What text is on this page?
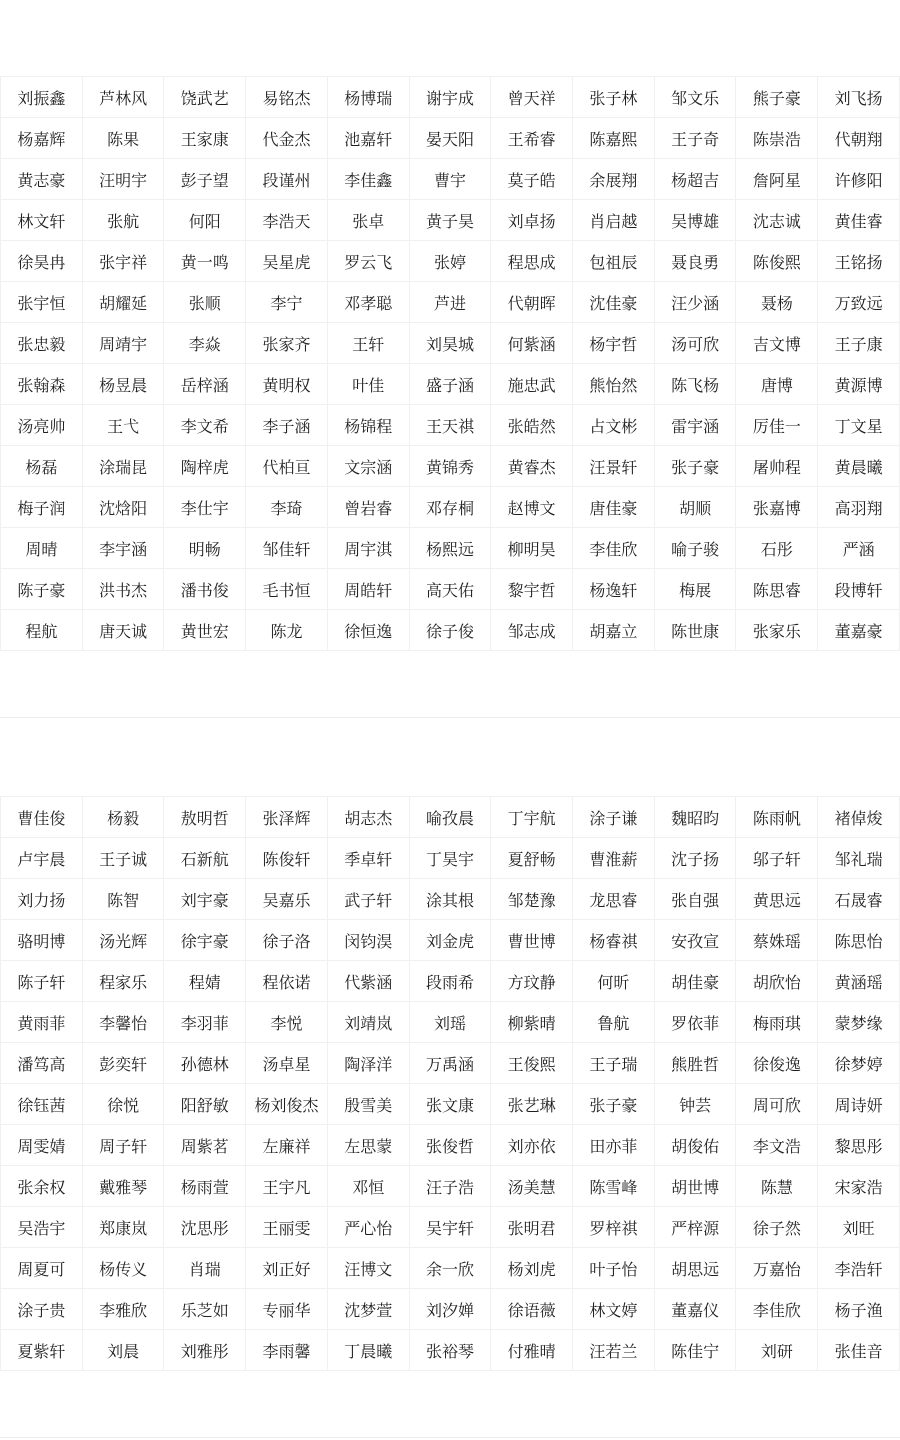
刘振鑫	芦林风	饶武艺	易铭杰	杨博瑞	谢宇成	曾天祥	张子林	邹文乐	熊子豪	刘飞扬
杨嘉辉	陈果	王家康	代金杰	池嘉轩	晏天阳	王希睿	陈嘉熙	王子奇	陈崇浩	代朝翔
黄志豪	汪明宇	彭子望	段谨州	李佳鑫	曹宇	莫子皓	余展翔	杨超吉	詹阿星	许修阳
林文轩	张航	何阳	李浩天	张卓	黄子昊	刘卓扬	肖启越	吴博雄	沈志诚	黄佳睿
徐昊冉	张宇祥	黄一鸣	吴星虎	罗云飞	张婷	程思成	包祖辰	聂良勇	陈俊熙	王铭扬
张宇恒	胡耀延	张顺	李宁	邓孝聪	芦进	代朝晖	沈佳豪	汪少涵	聂杨	万致远
张忠毅	周靖宇	李焱	张家齐	王轩	刘昊城	何紫涵	杨宇哲	汤可欣	吉文博	王子康
张翰森	杨昱晨	岳梓涵	黄明权	叶佳	盛子涵	施忠武	熊怡然	陈飞杨	唐博	黄源博
汤亮帅	王弋	李文希	李子涵	杨锦程	王天祺	张皓然	占文彬	雷宇涵	厉佳一	丁文星
杨磊	涂瑞昆	陶梓虎	代柏亘	文宗涵	黄锦秀	黄睿杰	汪景轩	张子豪	屠帅程	黄晨曦
梅子润	沈焓阳	李仕宇	李琦	曾岩睿	邓存桐	赵博文	唐佳豪	胡顺	张嘉博	高羽翔
周晴	李宇涵	明畅	邹佳轩	周宇淇	杨熙远	柳明昊	李佳欣	喻子骏	石彤	严涵
陈子豪	洪书杰	潘书俊	毛书恒	周皓轩	高天佑	黎宇哲	杨逸轩	梅展	陈思睿	段博轩
程航	唐天诚	黄世宏	陈龙	徐恒逸	徐子俊	邹志成	胡嘉立	陈世康	张家乐	董嘉豪
曹佳俊	杨毅	敖明哲	张泽辉	胡志杰	喻孜晨	丁宇航	涂子谦	魏昭昀	陈雨帆	褚倬焌
卢宇晨	王子诚	石新航	陈俊轩	季卓轩	丁昊宇	夏舒畅	曹淮薪	沈子扬	邬子轩	邹礼瑞
刘力扬	陈智	刘宇豪	吴嘉乐	武子轩	涂其根	邹楚豫	龙思睿	张自强	黄思远	石晟睿
骆明博	汤光辉	徐宇豪	徐子洛	闵钧淏	刘金虎	曹世博	杨睿祺	安孜宣	蔡姝瑶	陈思怡
陈子轩	程家乐	程婧	程依诺	代紫涵	段雨希	方玟静	何昕	胡佳豪	胡欣怡	黄涵瑶
黄雨菲	李馨怡	李羽菲	李悦	刘靖岚	刘瑶	柳紫晴	鲁航	罗依菲	梅雨琪	蒙梦缘
潘笃高	彭奕轩	孙德林	汤卓星	陶泽洋	万禹涵	王俊熙	王子瑞	熊胜哲	徐俊逸	徐梦婷
徐钰茜	徐悦	阳舒敏	杨刘俊杰	殷雪美	张文康	张艺琳	张子豪	钟芸	周可欣	周诗妍
周雯婧	周子轩	周紫茗	左廉祥	左思蒙	张俊哲	刘亦依	田亦菲	胡俊佑	李文浩	黎思彤
张余权	戴雅琴	杨雨萱	王宇凡	邓恒	汪子浩	汤美慧	陈雪峰	胡世博	陈慧	宋家浩
吴浩宇	郑康岚	沈思彤	王丽雯	严心怡	吴宇轩	张明君	罗梓祺	严梓源	徐子然	刘旺
周夏可	杨传义	肖瑞	刘正好	汪博文	余一欣	杨刘虎	叶子怡	胡思远	万嘉怡	李浩轩
涂子贵	李雅欣	乐芝如	专丽华	沈梦萱	刘汐婵	徐语薇	林文婷	董嘉仪	李佳欣	杨子渔
夏紫轩	刘晨	刘雅彤	李雨馨	丁晨曦	张裕琴	付雅晴	汪若兰	陈佳宁	刘研	张佳音
